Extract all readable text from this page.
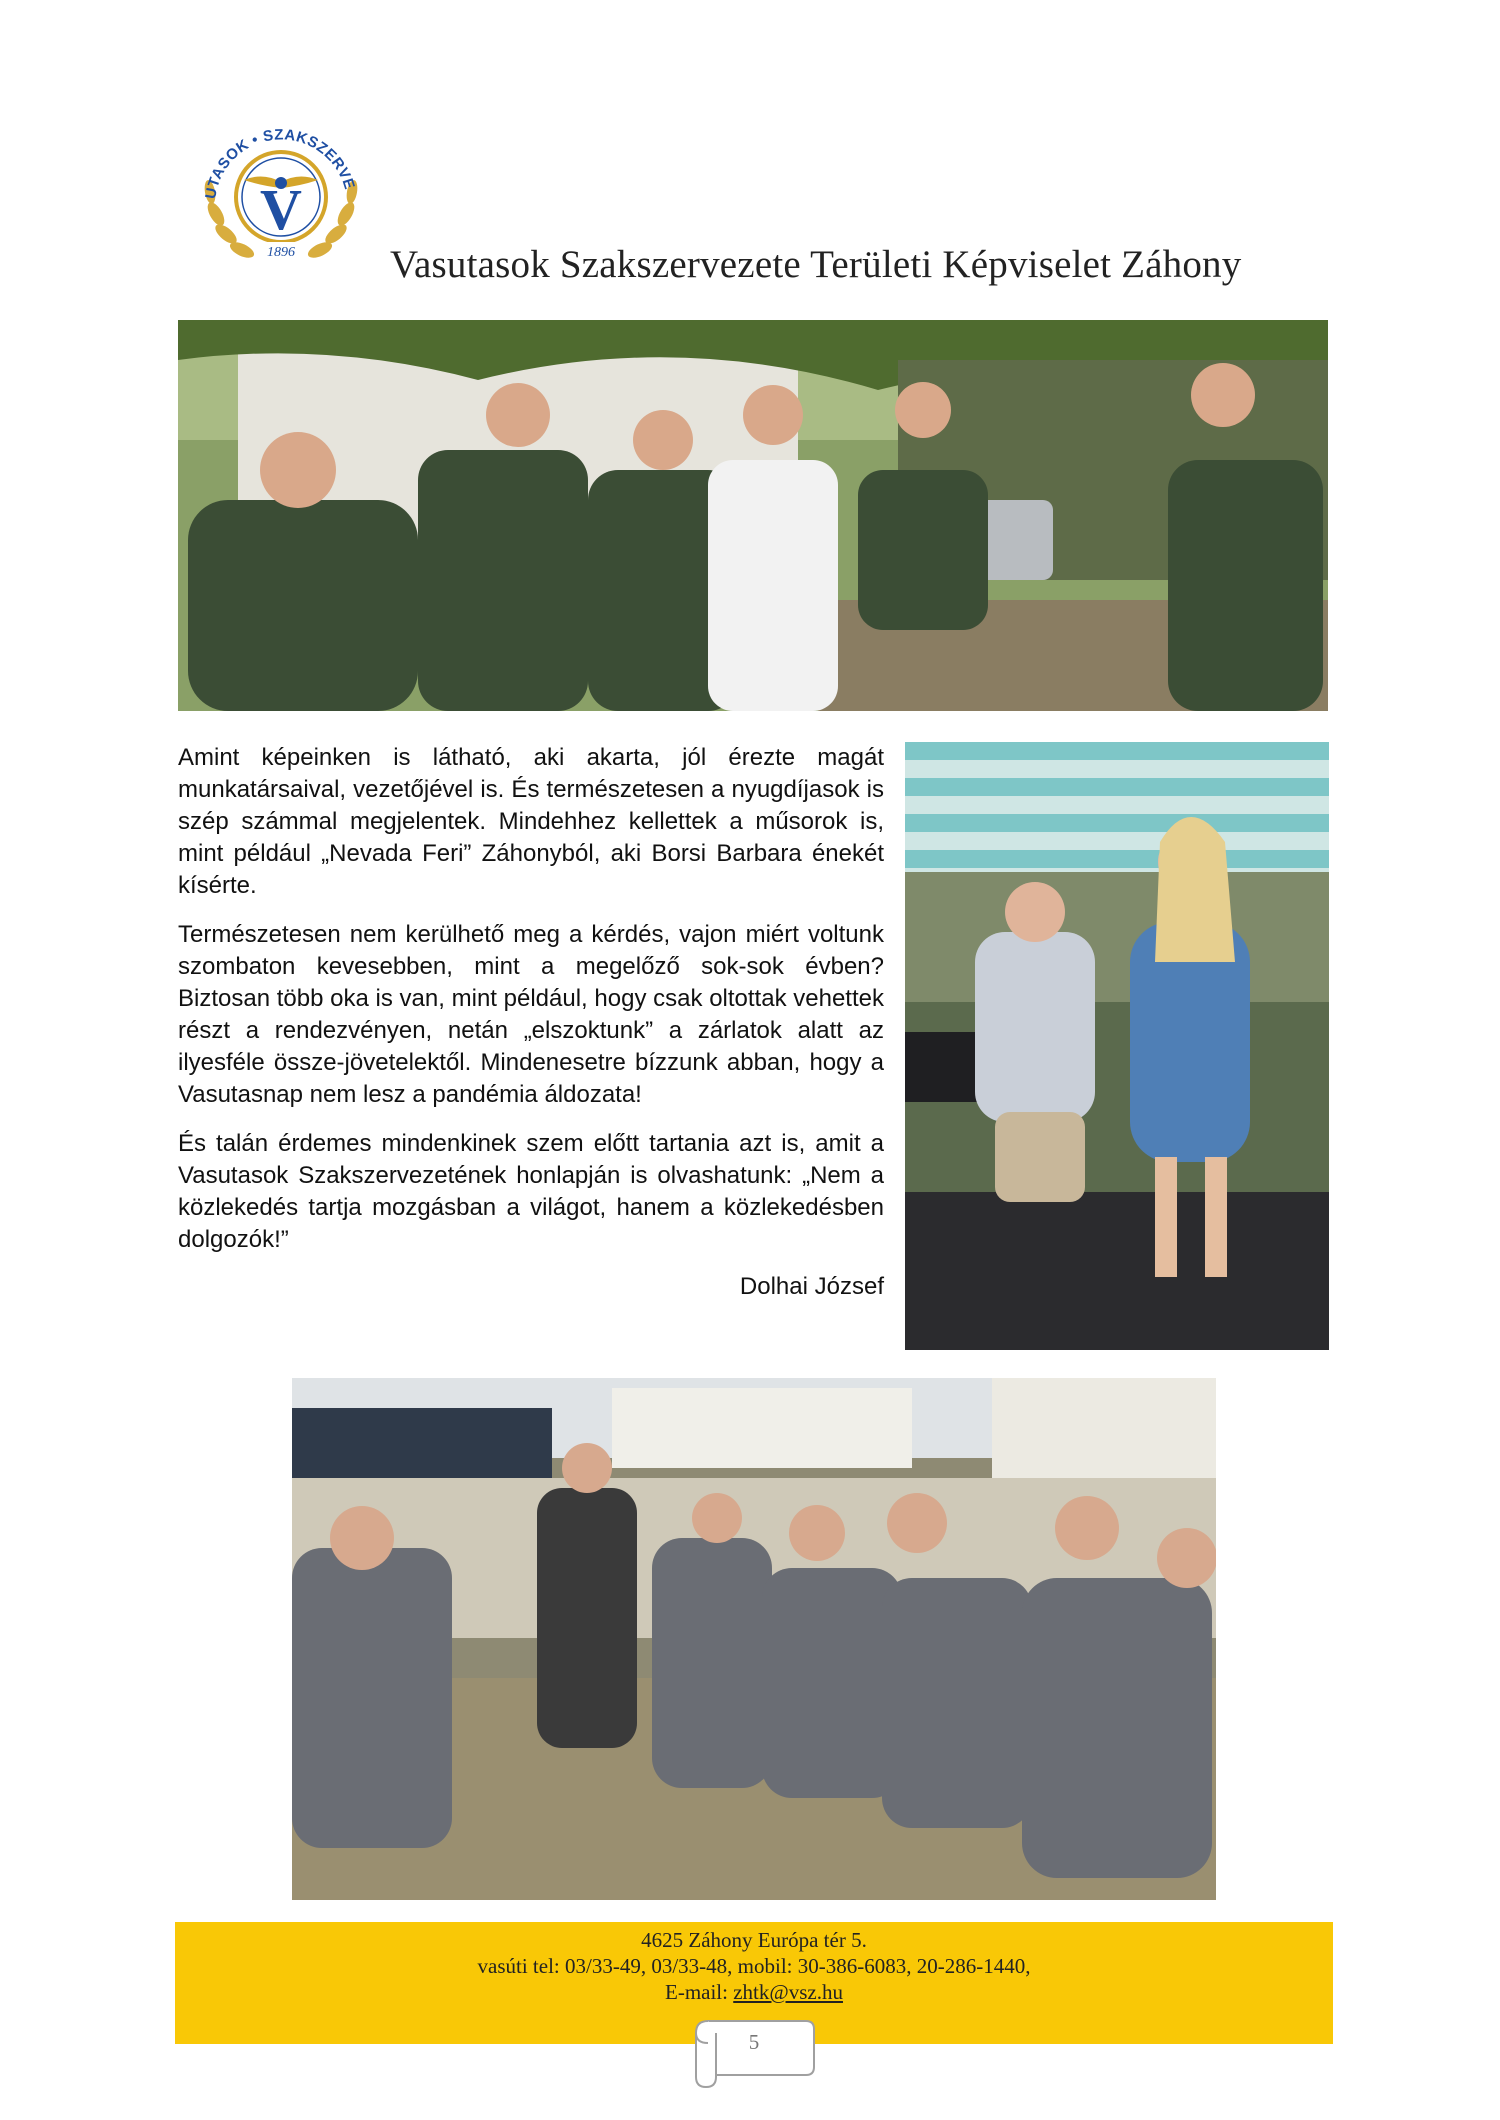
UTASOK • SZAKSZERVE
V
1896 Vasutasok Szakszervezete Területi Képviselet Záhony

Amint képeinken is látható, aki akarta, jól érezte magát munkatársaival, vezetőjével is. És természetesen a nyugdíjasok is szép számmal megjelentek. Mindehhez kellettek a műsorok is, mint például „Nevada Feri” Záhonyból, aki Borsi Barbara énekét kísérte.

Természetesen nem kerülhető meg a kérdés, vajon miért voltunk szombaton kevesebben, mint a megelőző sok-sok évben? Biztosan több oka is van, mint például, hogy csak oltottak vehettek részt a rendezvényen, netán „elszoktunk” a zárlatok alatt az ilyesféle össze-jövetelektől. Mindenesetre bízzunk abban, hogy a Vasutasnap nem lesz a pandémia áldozata!

És talán érdemes mindenkinek szem előtt tartania azt is, amit a Vasutasok Szakszervezetének honlapján is olvashatunk: „Nem a közlekedés tartja mozgásban a világot, hanem a közlekedésben dolgozók!”

Dolhai József
4625 Záhony Európa tér 5.
vasúti tel: 03/33-49, 03/33-48, mobil: 30-386-6083, 20-286-1440,
E-mail: zhtk@vsz.hu
5
